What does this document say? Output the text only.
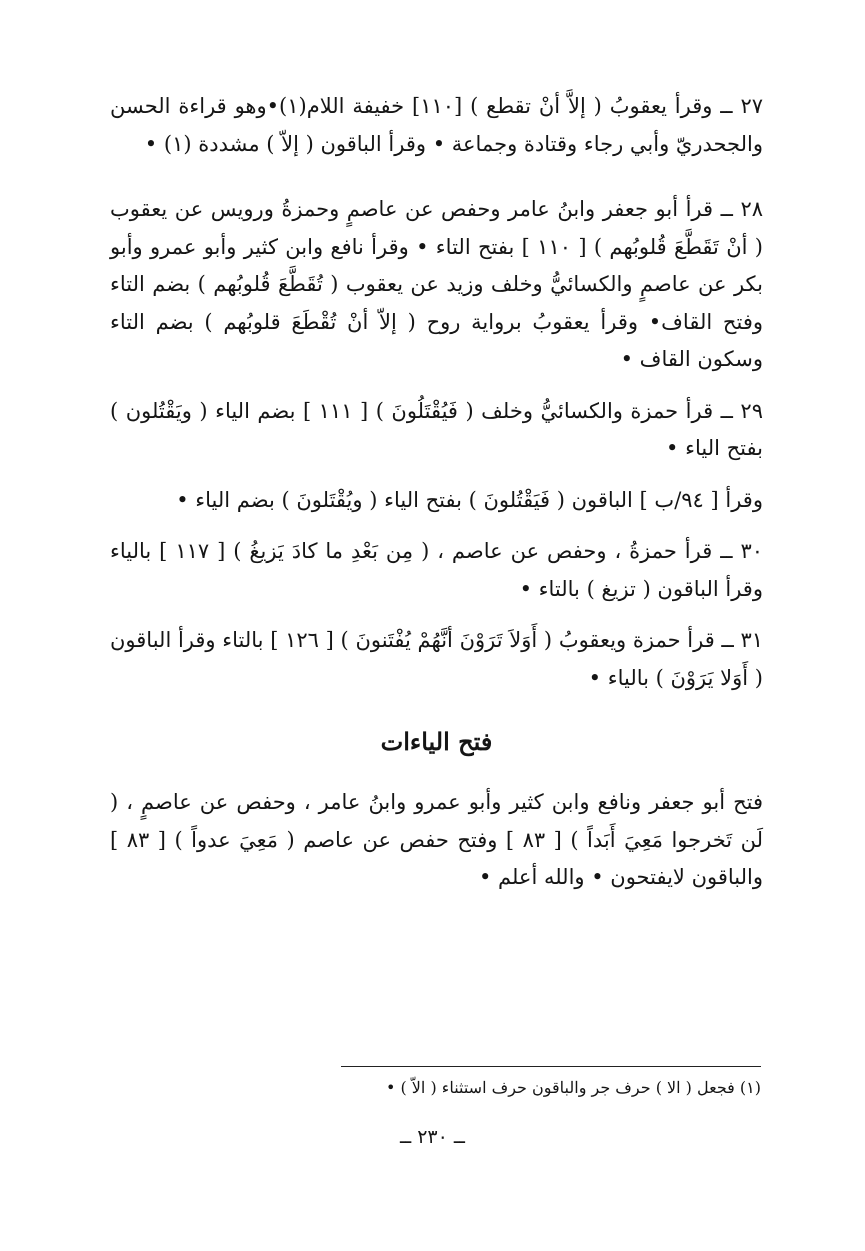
٢٧ ــ وقرأ يعقوبُ ( إلاَّ أنْ تقطع ) [١١٠] خفيفة اللام(١)•وهو قراءة الحسن والجحدريّ وأبي رجاء وقتادة وجماعة • وقرأ الباقون ( إلاّ ) مشددة (١) •

٢٨ ــ قرأ أبو جعفر وابنُ عامر وحفص عن عاصمٍ وحمزةُ ورويس عن يعقوب ( أنْ تَقَطَّعَ قُلوبُهم ) [ ١١٠ ] بفتح التاء • وقرأ نافع وابن كثير وأبو عمرو وأبو بكر عن عاصمٍ والكسائيُّ وخلف وزيد عن يعقوب ( تُقَطَّعَ قُلوبُهم ) بضم التاء وفتح القاف• وقرأ يعقوبُ برواية روح ( إلاّ أنْ تُقْطَعَ قلوبُهم ) بضم التاء وسكون القاف •

٢٩ ــ قرأ حمزة والكسائيُّ وخلف ( فَيُقْتَلُونَ ) [ ١١١ ] بضم الياء ( ويَقْتُلون ) بفتح الياء •

وقرأ [ ٩٤/ب ] الباقون ( فَيَقْتُلونَ ) بفتح الياء ( ويُقْتَلونَ ) بضم الياء •

٣٠ ــ قرأ حمزةُ ، وحفص عن عاصم ، ( مِن بَعْدِ ما كادَ يَزيغُ ) [ ١١٧ ] بالياء وقرأ الباقون ( تزيغ ) بالتاء •

٣١ ــ قرأ حمزة ويعقوبُ ( أَوَلاَ تَرَوْنَ أنَّهُمْ يُفْتَنونَ ) [ ١٢٦ ] بالتاء وقرأ الباقون ( أَوَلا يَرَوْنَ ) بالياء •

فتح الياءات

فتح أبو جعفر ونافع وابن كثير وأبو عمرو وابنُ عامر ، وحفص عن عاصمٍ ، ( لَن تَخرجوا مَعِيَ أَبَداً ) [ ٨٣ ] وفتح حفص عن عاصم ( مَعِيَ عدواً ) [ ٨٣ ] والباقون لايفتحون • والله أعلم •

(١) فجعل ( الا ) حرف جر والباقون حرف استثناء ( الاّ ) •
ــ ٢٣٠ ــ
